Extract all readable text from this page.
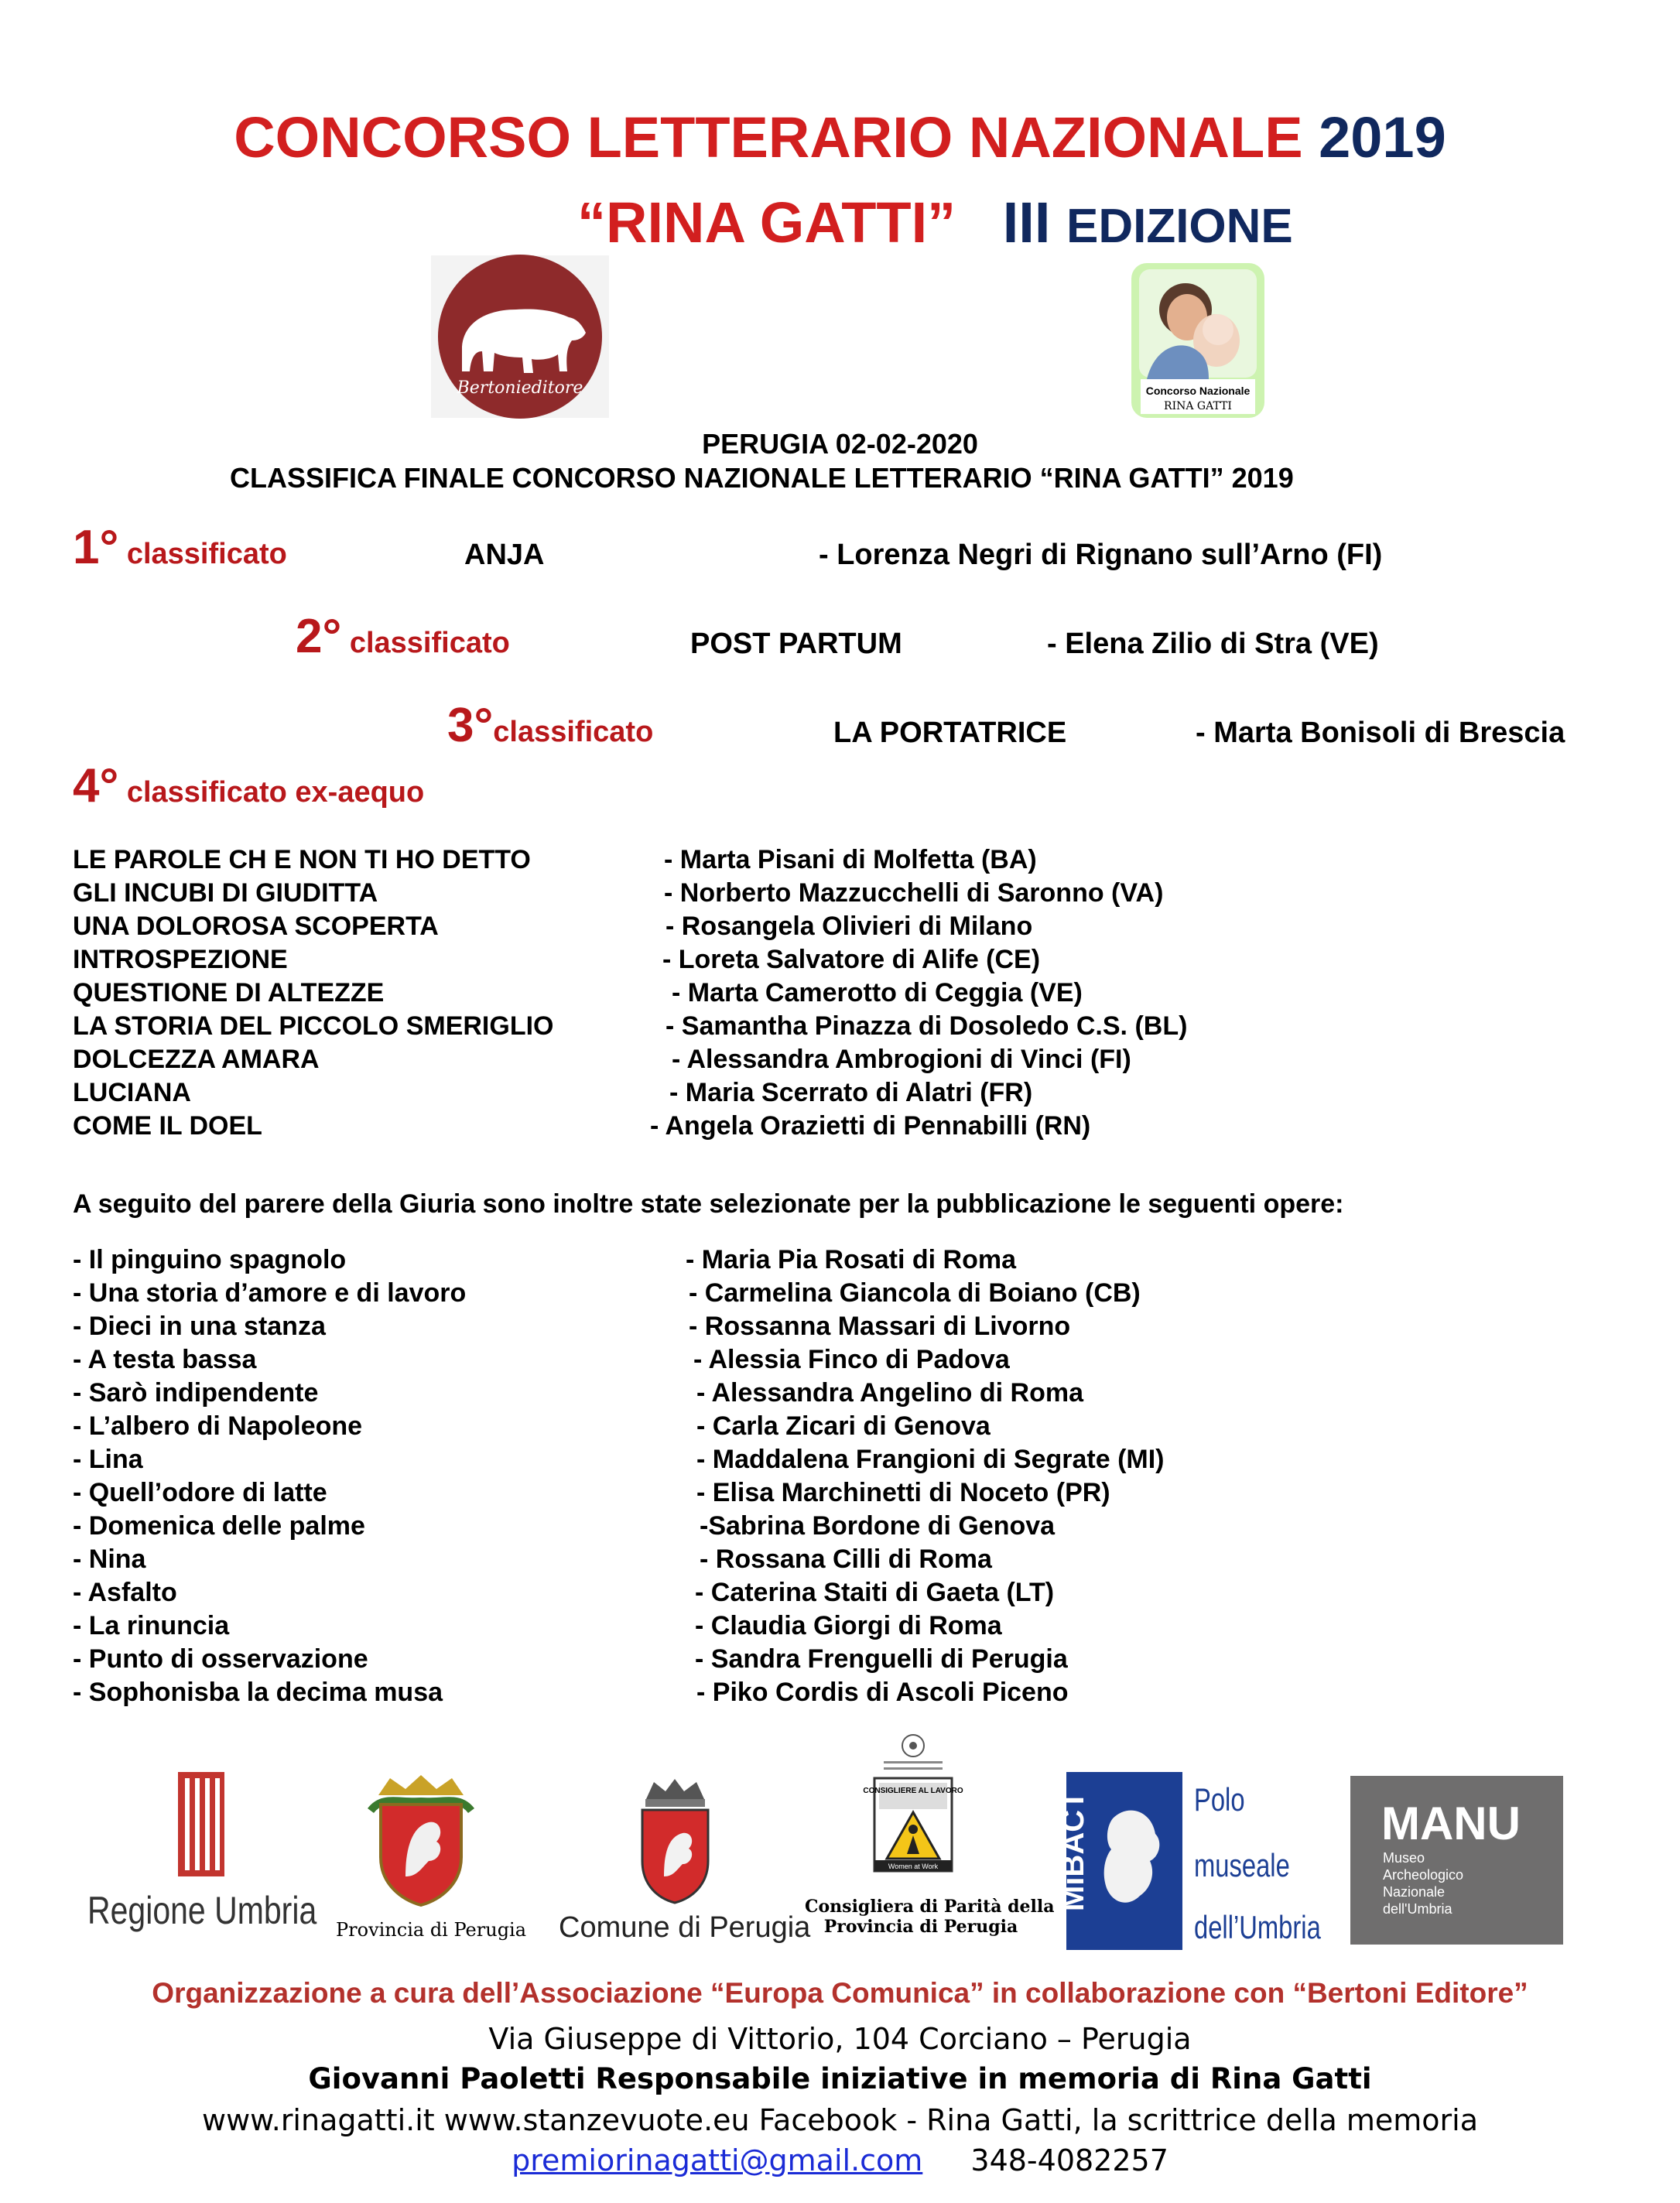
CONCORSO LETTERARIO NAZIONALE 2019
“RINA GATTI” III EDIZIONE
Bertonieditore	Concorso Nazionale
RINA GATTI
PERUGIA 02-02-2020
CLASSIFICA FINALE CONCORSO NAZIONALE LETTERARIO “RINA GATTI” 2019
1° classificato	ANJA	- Lorenza Negri di Rignano sull’Arno (FI)
2° classificato	POST PARTUM	- Elena Zilio di Stra (VE)
3°classificato	LA PORTATRICE	- Marta Bonisoli di Brescia
4° classificato ex-aequo
LE PAROLE CH E NON TI HO DETTO	- Marta Pisani di Molfetta (BA)
GLI INCUBI DI GIUDITTA	- Norberto Mazzucchelli di Saronno (VA)
UNA DOLOROSA SCOPERTA	- Rosangela Olivieri di Milano
INTROSPEZIONE	- Loreta Salvatore di Alife (CE)
QUESTIONE DI ALTEZZE	- Marta Camerotto di Ceggia (VE)
LA STORIA DEL PICCOLO SMERIGLIO	- Samantha Pinazza di Dosoledo C.S. (BL)
DOLCEZZA AMARA	- Alessandra Ambrogioni di Vinci (FI)
LUCIANA	- Maria Scerrato di Alatri (FR)
COME IL DOEL	- Angela Orazietti di Pennabilli (RN)
A seguito del parere della Giuria sono inoltre state selezionate per la pubblicazione le seguenti opere:
- Il pinguino spagnolo	- Maria Pia Rosati di Roma
- Una storia d’amore e di lavoro	- Carmelina Giancola di Boiano (CB)
- Dieci in una stanza	- Rossanna Massari di Livorno
- A testa bassa	- Alessia Finco di Padova
- Sarò indipendente	- Alessandra Angelino di Roma
- L’albero di Napoleone	- Carla Zicari di Genova
- Lina	- Maddalena Frangioni di Segrate (MI)
- Quell’odore di latte	- Elisa Marchinetti di Noceto (PR)
- Domenica delle palme	-Sabrina Bordone di Genova
- Nina	- Rossana Cilli di Roma
- Asfalto	- Caterina Staiti di Gaeta (LT)
- La rinuncia	- Claudia Giorgi di Roma
- Punto di osservazione	- Sandra Frenguelli di Perugia
- Sophonisba la decima musa	- Piko Cordis di Ascoli Piceno
Regione Umbria Provincia di Perugia Comune di Perugia
CONSIGLIERE AL LAVORO
Women at Work
Consigliera di Parità della
Provincia di Perugia
MiBACT	Polo
museale
dell’Umbria
MANU
Museo
Archeologico
Nazionale
dell'Umbria
Organizzazione a cura dell’Associazione “Europa Comunica” in collaborazione con “Bertoni Editore”
Via Giuseppe di Vittorio, 104 Corciano – Perugia
Giovanni Paoletti Responsabile iniziative in memoria di Rina Gatti
www.rinagatti.it www.stanzevuote.eu Facebook - Rina Gatti, la scrittrice della memoria
premiorinagatti@gmail.com 348-4082257
